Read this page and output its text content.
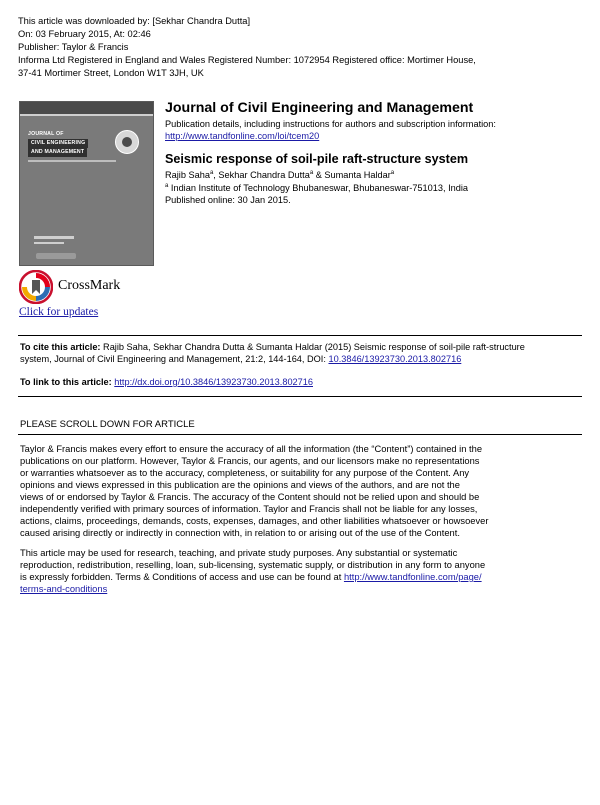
This article was downloaded by: [Sekhar Chandra Dutta]
On: 03 February 2015, At: 02:46
Publisher: Taylor & Francis
Informa Ltd Registered in England and Wales Registered Number: 1072954 Registered office: Mortimer House,
37-41 Mortimer Street, London W1T 3JH, UK
JOURNAL OF
CIVIL ENGINEERING
AND MANAGEMENT
Journal of Civil Engineering and Management
Publication details, including instructions for authors and subscription information:
http://www.tandfonline.com/loi/tcem20
Seismic response of soil-pile raft-structure system
Rajib Saha$^a$, Sekhar Chandra Dutta$^a$ & Sumanta Haldar$^a$
$^a$ Indian Institute of Technology Bhubaneswar, Bhubaneswar-751013, India
Published online: 30 Jan 2015.
CrossMark
Click for updates
To cite this article: Rajib Saha, Sekhar Chandra Dutta & Sumanta Haldar (2015) Seismic response of soil-pile raft-structure
system, Journal of Civil Engineering and Management, 21:2, 144-164, DOI: 10.3846/13923730.2013.802716
To link to this article: http://dx.doi.org/10.3846/13923730.2013.802716
PLEASE SCROLL DOWN FOR ARTICLE
Taylor & Francis makes every effort to ensure the accuracy of all the information (the “Content”) contained in the
publications on our platform. However, Taylor & Francis, our agents, and our licensors make no representations
or warranties whatsoever as to the accuracy, completeness, or suitability for any purpose of the Content. Any
opinions and views expressed in this publication are the opinions and views of the authors, and are not the
views of or endorsed by Taylor & Francis. The accuracy of the Content should not be relied upon and should be
independently verified with primary sources of information. Taylor and Francis shall not be liable for any losses,
actions, claims, proceedings, demands, costs, expenses, damages, and other liabilities whatsoever or howsoever
caused arising directly or indirectly in connection with, in relation to or arising out of the use of the Content.
This article may be used for research, teaching, and private study purposes. Any substantial or systematic
reproduction, redistribution, reselling, loan, sub-licensing, systematic supply, or distribution in any form to anyone
is expressly forbidden. Terms & Conditions of access and use can be found at http://www.tandfonline.com/page/
terms-and-conditions
